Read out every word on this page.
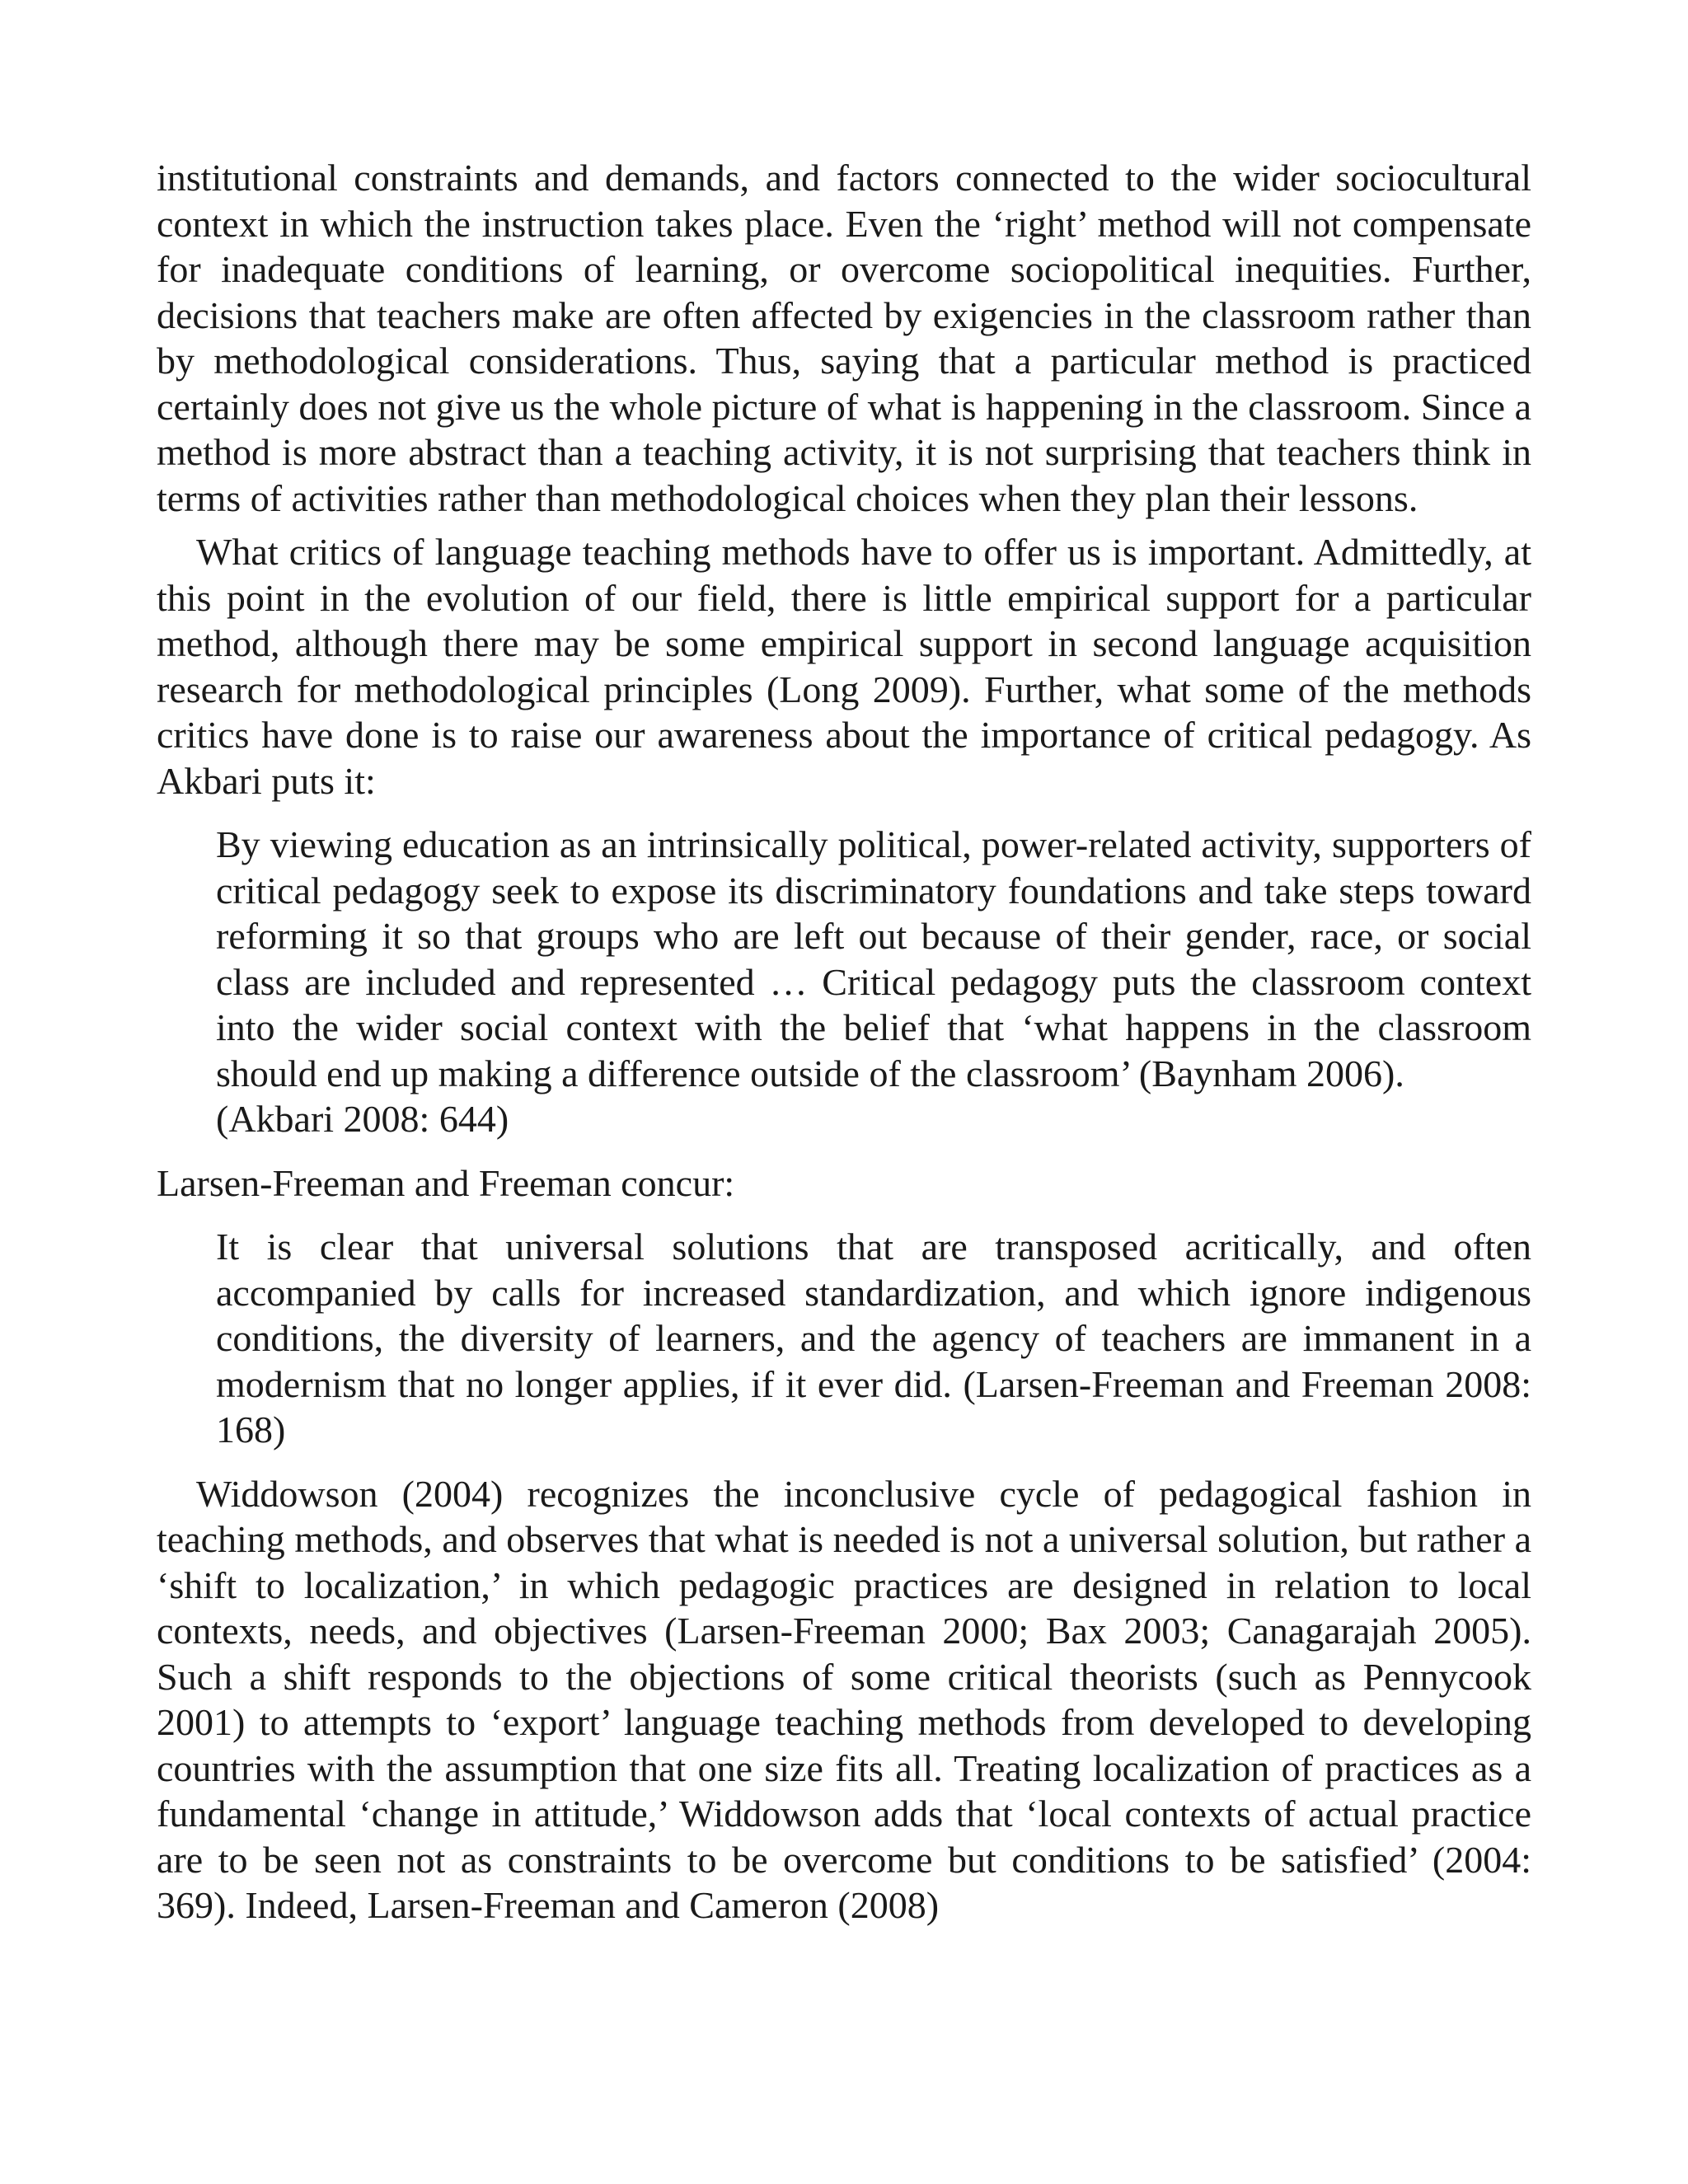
institutional constraints and demands, and factors connected to the wider sociocultural context in which the instruction takes place. Even the ‘right’ method will not compensate for inadequate conditions of learning, or overcome sociopolitical inequities. Further, decisions that teachers make are often affected by exigencies in the classroom rather than by methodological considerations. Thus, saying that a particular method is practiced certainly does not give us the whole picture of what is happening in the classroom. Since a method is more abstract than a teaching activity, it is not surprising that teachers think in terms of activities rather than methodological choices when they plan their lessons.

What critics of language teaching methods have to offer us is important. Admittedly, at this point in the evolution of our field, there is little empirical support for a particular method, although there may be some empirical support in second language acquisition research for methodological principles (Long 2009). Further, what some of the methods critics have done is to raise our awareness about the importance of critical pedagogy. As Akbari puts it:

By viewing education as an intrinsically political, power-related activity, supporters of critical pedagogy seek to expose its discriminatory foundations and take steps toward reforming it so that groups who are left out because of their gender, race, or social class are included and represented … Critical pedagogy puts the classroom context into the wider social context with the belief that ‘what happens in the classroom should end up making a difference outside of the classroom’ (Baynham 2006).

(Akbari 2008: 644)

Larsen-Freeman and Freeman concur:

It is clear that universal solutions that are transposed acritically, and often accompanied by calls for increased standardization, and which ignore indigenous conditions, the diversity of learners, and the agency of teachers are immanent in a modernism that no longer applies, if it ever did. (Larsen-Freeman and Freeman 2008: 168)

Widdowson (2004) recognizes the inconclusive cycle of pedagogical fashion in teaching methods, and observes that what is needed is not a universal solution, but rather a ‘shift to localization,’ in which pedagogic practices are designed in relation to local contexts, needs, and objectives (Larsen-Freeman 2000; Bax 2003; Canagarajah 2005). Such a shift responds to the objections of some critical theorists (such as Pennycook 2001) to attempts to ‘export’ language teaching methods from developed to developing countries with the assumption that one size fits all. Treating localization of practices as a fundamental ‘change in attitude,’ Widdowson adds that ‘local contexts of actual practice are to be seen not as constraints to be overcome but conditions to be satisfied’ (2004: 369). Indeed, Larsen-Freeman and Cameron (2008)
